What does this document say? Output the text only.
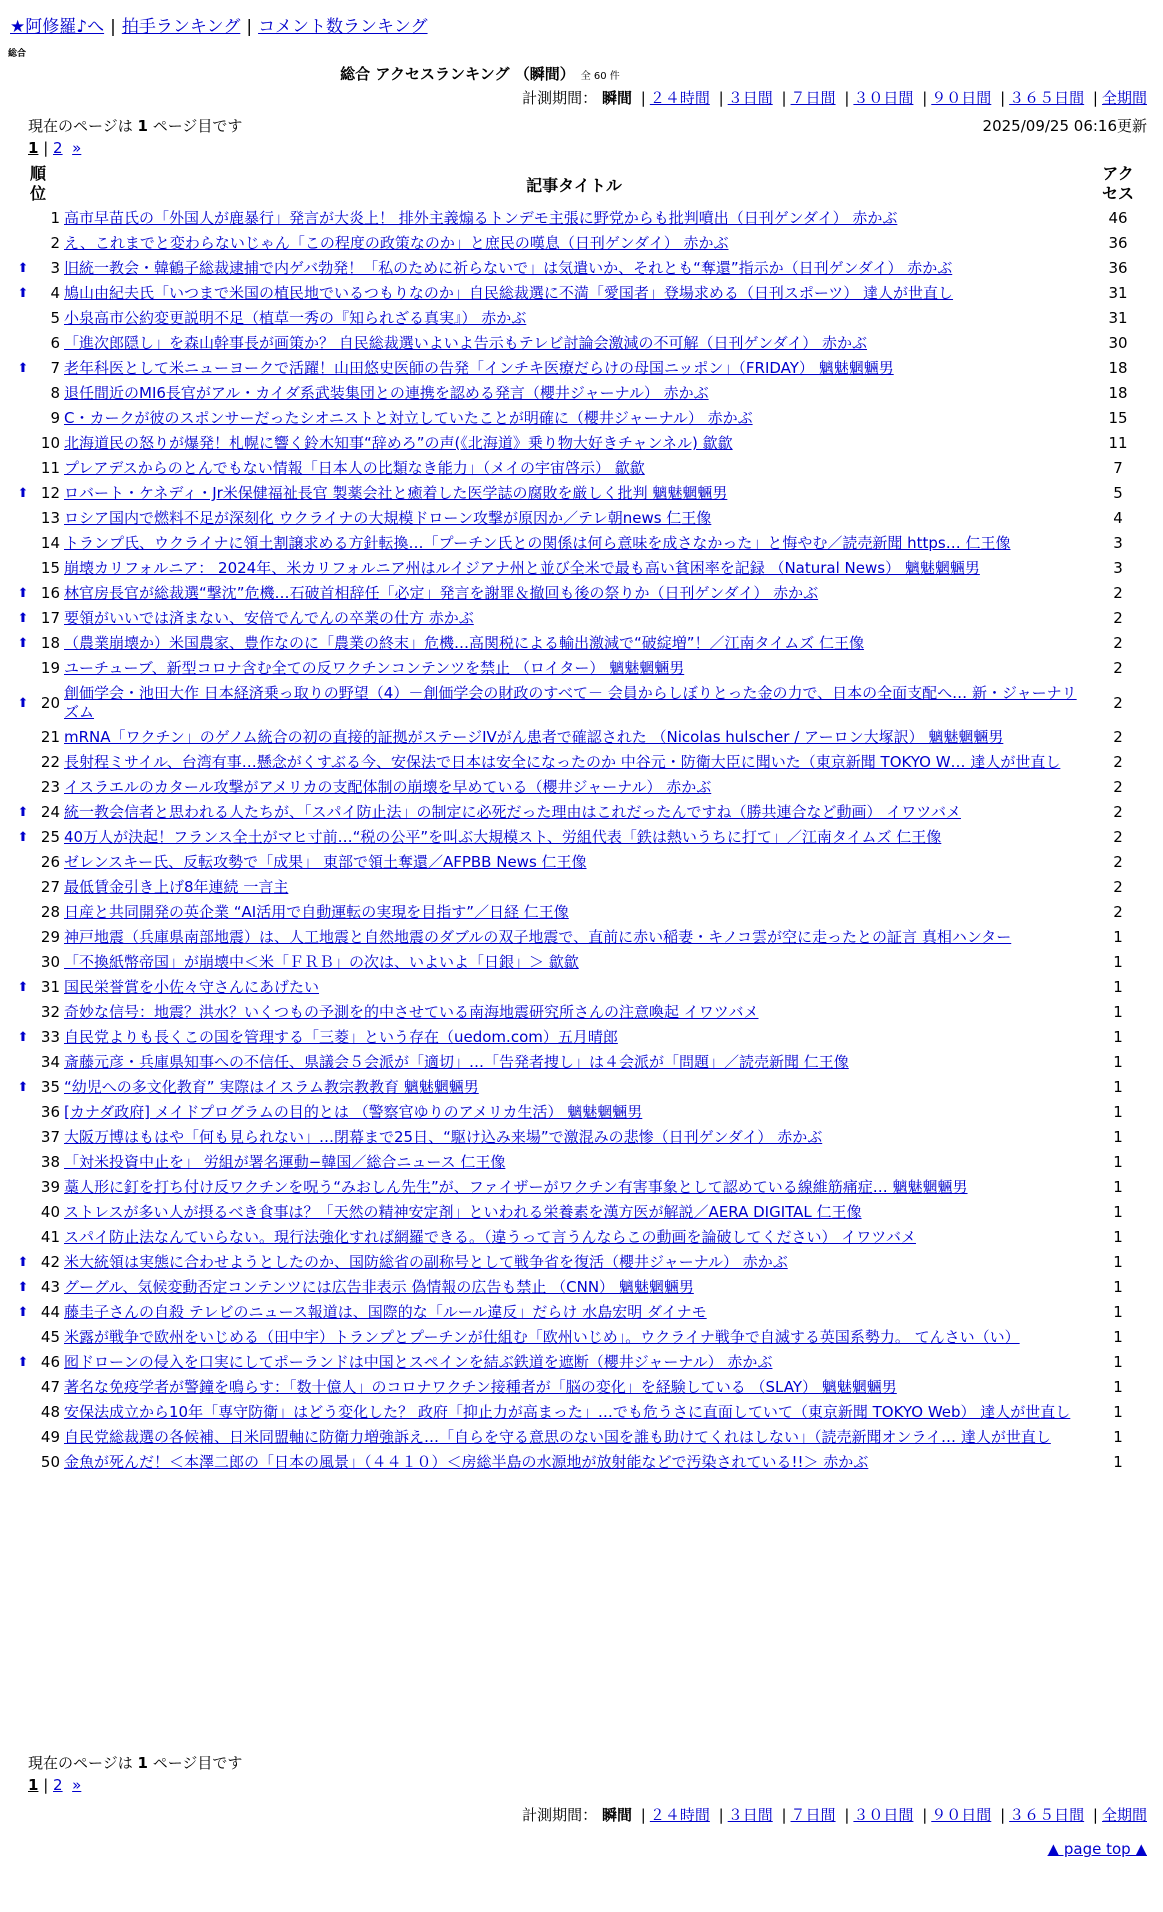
★阿修羅♪へ | 拍手ランキング | コメント数ランキング
総合
総合 アクセスランキング （瞬間） 全 60 件
計測期間： 瞬間 | ２４時間 | ３日間 | ７日間 | ３０日間 | ９０日間 | ３６５日間 | 全期間
現在のページは 1 ページ目です	2025/09/25 06:16更新
1 | 2 »
順位		記事タイトル	アクセス
	1	高市早苗氏の「外国人が鹿暴行」発言が大炎上！ 排外主義煽るトンデモ主張に野党からも批判噴出（日刊ゲンダイ） 赤かぶ	46
	2	え、これまでと変わらないじゃん「この程度の政策なのか」と庶民の嘆息（日刊ゲンダイ） 赤かぶ	36
⬆	3	旧統一教会・韓鶴子総裁逮捕で内ゲバ勃発！「私のために祈らないで」は気遣いか、それとも“奪還”指示か（日刊ゲンダイ） 赤かぶ	36
⬆	4	鳩山由紀夫氏「いつまで米国の植民地でいるつもりなのか」自民総裁選に不満「愛国者」登場求める（日刊スポーツ） 達人が世直し	31
	5	小泉高市公約変更説明不足（植草一秀の『知られざる真実』） 赤かぶ	31
	6	「進次郎隠し」を森山幹事長が画策か？ 自民総裁選いよいよ告示もテレビ討論会激減の不可解（日刊ゲンダイ） 赤かぶ	30
⬆	7	老年科医として米ニューヨークで活躍！山田悠史医師の告発「インチキ医療だらけの母国ニッポン」（FRIDAY） 魑魅魍魎男	18
	8	退任間近のMI6長官がアル・カイダ系武装集団との連携を認める発言（櫻井ジャーナル） 赤かぶ	18
	9	C・カークが彼のスポンサーだったシオニストと対立していたことが明確に（櫻井ジャーナル） 赤かぶ	15
	10	北海道民の怒りが爆発！札幌に響く鈴木知事“辞めろ”の声(《北海道》乗り物大好きチャンネル) 歙歙	11
	11	プレアデスからのとんでもない情報「日本人の比類なき能力」（メイの宇宙啓示） 歙歙	7
⬆	12	ロバート・ケネディ・Jr米保健福祉長官 製薬会社と癒着した医学誌の腐敗を厳しく批判 魑魅魍魎男	5
	13	ロシア国内で燃料不足が深刻化 ウクライナの大規模ドローン攻撃が原因か／テレ朝news 仁王像	4
	14	トランプ氏、ウクライナに領土割譲求める方針転換…「プーチン氏との関係は何ら意味を成さなかった」と悔やむ／読売新聞 https… 仁王像	3
	15	崩壊カリフォルニア： 2024年、米カリフォルニア州はルイジアナ州と並び全米で最も高い貧困率を記録 （Natural News） 魑魅魍魎男	3
⬆	16	林官房長官が総裁選“撃沈”危機…石破首相辞任「必定」発言を謝罪＆撤回も後の祭りか（日刊ゲンダイ） 赤かぶ	2
⬆	17	要領がいいでは済まない、安倍でんでんの卒業の仕方 赤かぶ	2
⬆	18	（農業崩壊か）米国農家、豊作なのに「農業の終末」危機…高関税による輸出激減で“破綻増”！／江南タイムズ 仁王像	2
	19	ユーチューブ、新型コロナ含む全ての反ワクチンコンテンツを禁止 （ロイター） 魑魅魍魎男	2
⬆	20	創価学会・池田大作 日本経済乗っ取りの野望（4）－創価学会の財政のすべて－ 会員からしぼりとった金の力で、日本の全面支配へ… 新・ジャーナリズム	2
	21	mRNA「ワクチン」のゲノム統合の初の直接的証拠がステージIVがん患者で確認された （Nicolas hulscher / アーロン大塚訳） 魑魅魍魎男	2
	22	長射程ミサイル、台湾有事…懸念がくすぶる今、安保法で日本は安全になったのか 中谷元・防衛大臣に聞いた（東京新聞 TOKYO W… 達人が世直し	2
	23	イスラエルのカタール攻撃がアメリカの支配体制の崩壊を早めている（櫻井ジャーナル） 赤かぶ	2
⬆	24	統一教会信者と思われる人たちが、「スパイ防止法」の制定に必死だった理由はこれだったんですね（勝共連合など動画） イワツバメ	2
⬆	25	40万人が決起！フランス全土がマヒ寸前…“税の公平”を叫ぶ大規模スト、労組代表「鉄は熱いうちに打て」／江南タイムズ 仁王像	2
	26	ゼレンスキー氏、反転攻勢で「成果」 東部で領土奪還／AFPBB News 仁王像	2
	27	最低賃金引き上げ8年連続 一言主	2
	28	日産と共同開発の英企業 “AI活用で自動運転の実現を目指す”／日経 仁王像	2
	29	神戸地震（兵庫県南部地震）は、人工地震と自然地震のダブルの双子地震で、直前に赤い稲妻・キノコ雲が空に走ったとの証言 真相ハンター	1
	30	「不換紙幣帝国」が崩壊中＜米「ＦＲＢ」の次は、いよいよ「日銀」＞ 歙歙	1
⬆	31	国民栄誉賞を小佐々守さんにあげたい	1
	32	奇妙な信号：地震？洪水？いくつもの予測を的中させている南海地震研究所さんの注意喚起 イワツバメ	1
⬆	33	自民党よりも長くこの国を管理する「三菱」という存在（uedom.com）五月晴郎	1
	34	斎藤元彦・兵庫県知事への不信任、県議会５会派が「適切」…「告発者捜し」は４会派が「問題」／読売新聞 仁王像	1
⬆	35	“幼児への多文化教育” 実際はイスラム教宗教教育 魑魅魍魎男	1
	36	[カナダ政府] メイドプログラムの目的とは （警察官ゆりのアメリカ生活） 魑魅魍魎男	1
	37	大阪万博はもはや「何も見られない」…閉幕まで25日、“駆け込み来場”で激混みの悲惨（日刊ゲンダイ） 赤かぶ	1
	38	「対米投資中止を」 労組が署名運動−韓国／総合ニュース 仁王像	1
	39	藁人形に釘を打ち付け反ワクチンを呪う“みおしん先生”が、ファイザーがワクチン有害事象として認めている線維筋痛症… 魑魅魍魎男	1
	40	ストレスが多い人が摂るべき食事は？「天然の精神安定剤」といわれる栄養素を漢方医が解説／AERA DIGITAL 仁王像	1
	41	スパイ防止法なんていらない。現行法強化すれば網羅できる。（違うって言うんならこの動画を論破してください） イワツバメ	1
⬆	42	米大統領は実態に合わせようとしたのか、国防総省の副称号として戦争省を復活（櫻井ジャーナル） 赤かぶ	1
⬆	43	グーグル、気候変動否定コンテンツには広告非表示 偽情報の広告も禁止 （CNN） 魑魅魍魎男	1
⬆	44	藤圭子さんの自殺 テレビのニュース報道は、国際的な「ルール違反」だらけ 水島宏明 ダイナモ	1
	45	米露が戦争で欧州をいじめる（田中宇）トランプとプーチンが仕組む「欧州いじめ」。ウクライナ戦争で自滅する英国系勢力。 てんさい（い）	1
⬆	46	囮ドローンの侵入を口実にしてポーランドは中国とスペインを結ぶ鉄道を遮断（櫻井ジャーナル） 赤かぶ	1
	47	著名な免疫学者が警鐘を鳴らす：「数十億人」のコロナワクチン接種者が「脳の変化」を経験している （SLAY） 魑魅魍魎男	1
	48	安保法成立から10年「専守防衛」はどう変化した？ 政府「抑止力が高まった」…でも危うさに直面していて（東京新聞 TOKYO Web） 達人が世直し	1
	49	自民党総裁選の各候補、日米同盟軸に防衛力増強訴え…「自らを守る意思のない国を誰も助けてくれはしない」（読売新聞オンライ… 達人が世直し	1
	50	金魚が死んだ！＜本澤二郎の「日本の風景」（４４１０）＜房総半島の水源地が放射能などで汚染されている!!＞ 赤かぶ	1
現在のページは 1 ページ目です
1 | 2 »
計測期間： 瞬間 | ２４時間 | ３日間 | ７日間 | ３０日間 | ９０日間 | ３６５日間 | 全期間
▲ page top ▲
